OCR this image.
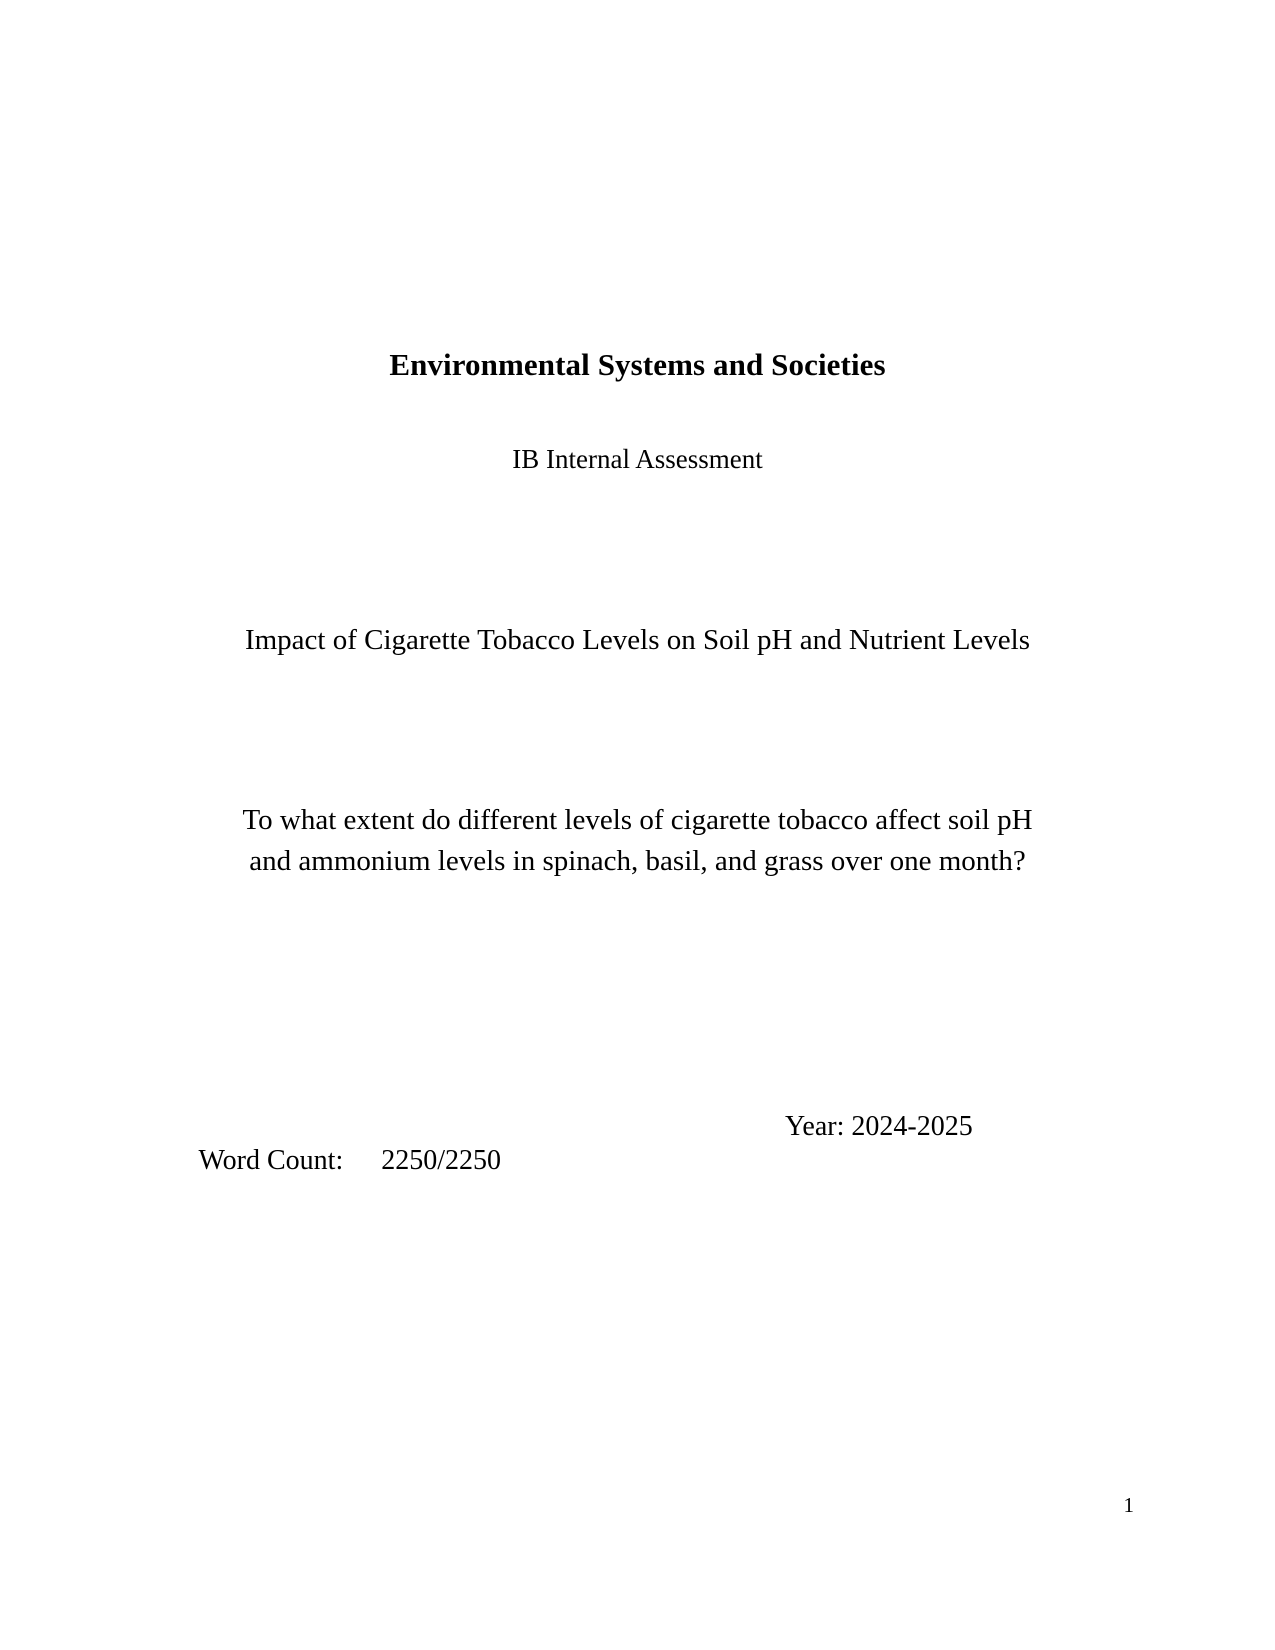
Environmental Systems and Societies
IB Internal Assessment
Impact of Cigarette Tobacco Levels on Soil pH and Nutrient Levels
To what extent do different levels of cigarette tobacco affect soil pH
and ammonium levels in spinach, basil, and grass over one month?

Word Count: 2250/2250

Year: 2024-2025
1
